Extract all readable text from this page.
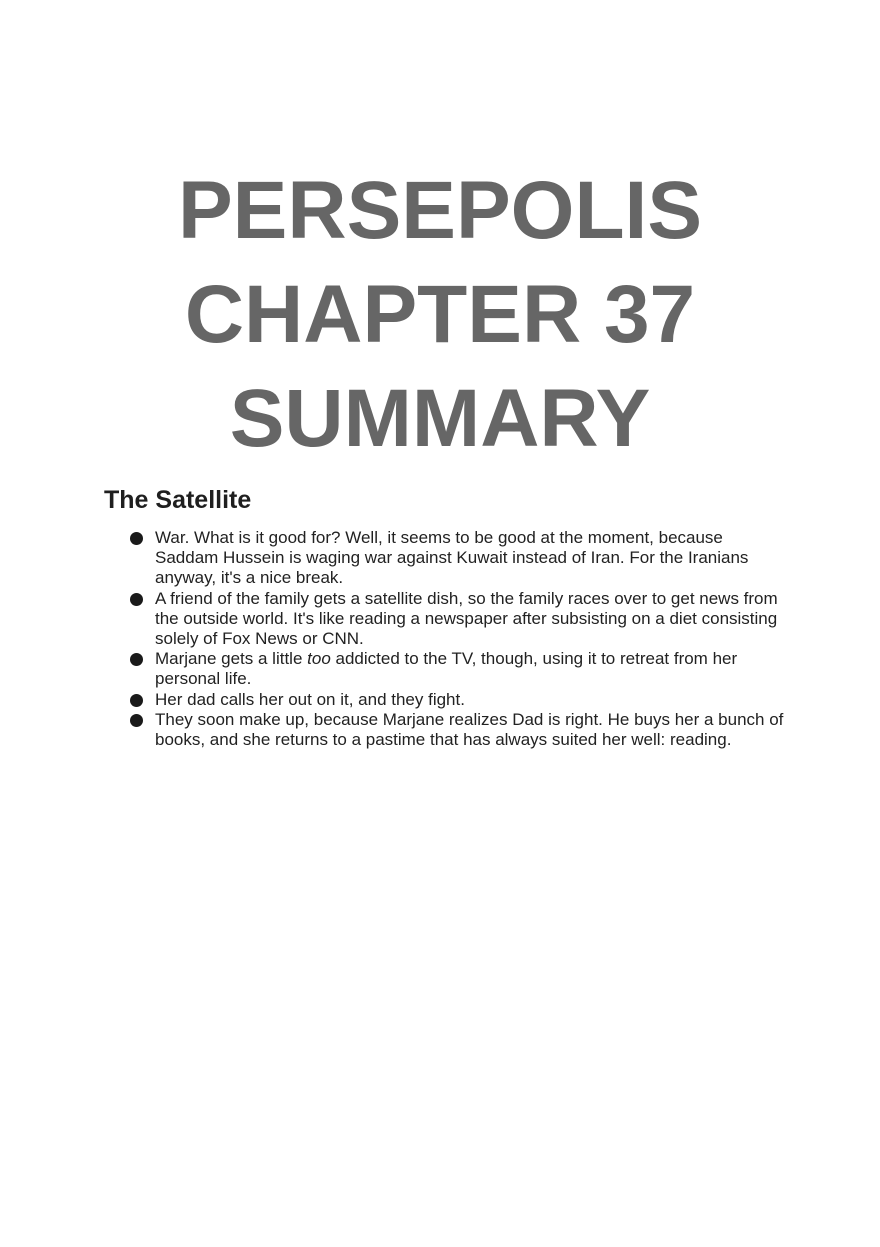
PERSEPOLIS
CHAPTER 37
SUMMARY
The Satellite
War. What is it good for? Well, it seems to be good at the moment, because Saddam Hussein is waging war against Kuwait instead of Iran. For the Iranians anyway, it's a nice break.
A friend of the family gets a satellite dish, so the family races over to get news from the outside world. It's like reading a newspaper after subsisting on a diet consisting solely of Fox News or CNN.
Marjane gets a little too addicted to the TV, though, using it to retreat from her personal life.
Her dad calls her out on it, and they fight.
They soon make up, because Marjane realizes Dad is right. He buys her a bunch of books, and she returns to a pastime that has always suited her well: reading.
